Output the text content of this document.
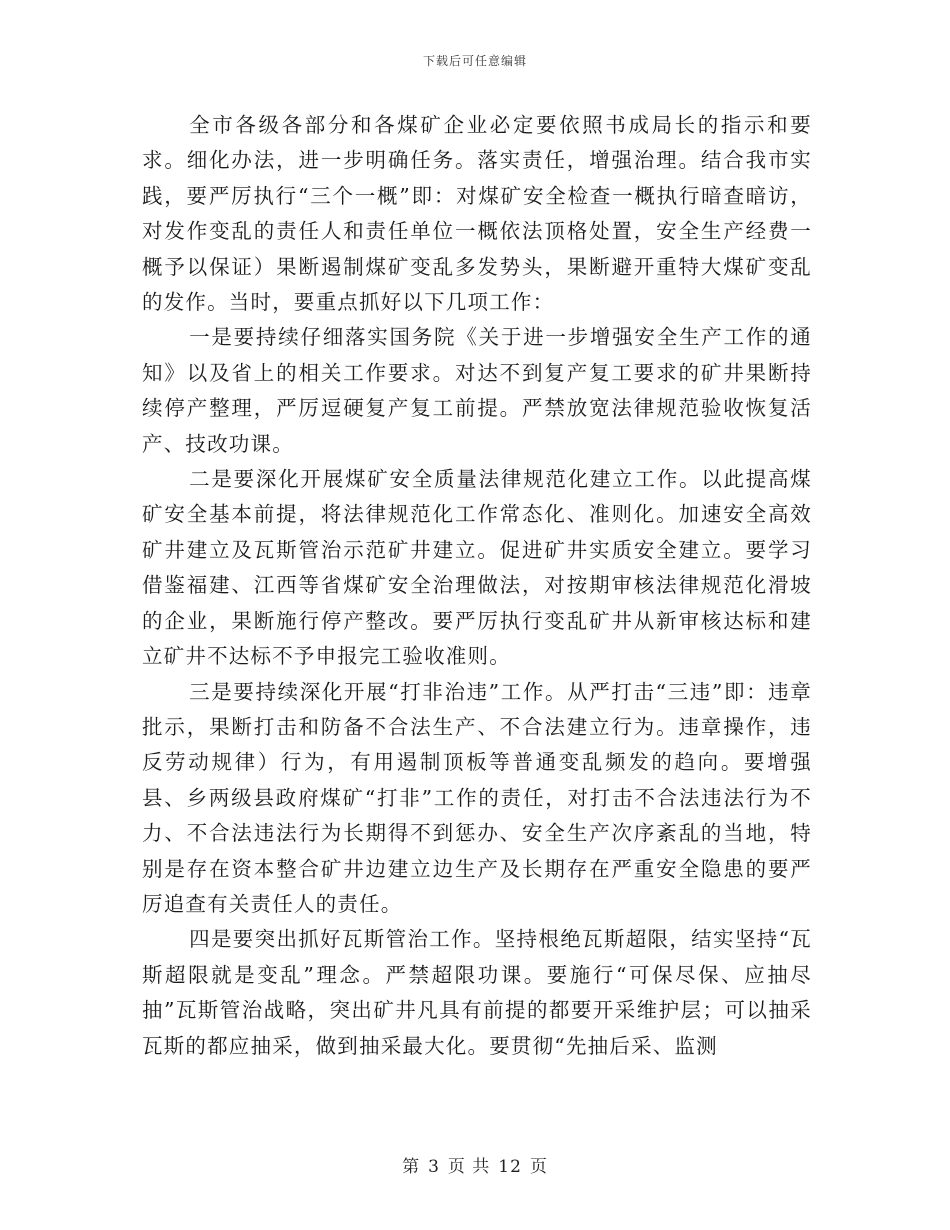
下载后可任意编辑

全市各级各部分和各煤矿企业必定要依照书成局长的指示和要求。细化办法，进一步明确任务。落实责任，增强治理。结合我市实践，要严厉执行“三个一概”即：对煤矿安全检查一概执行暗查暗访，对发作变乱的责任人和责任单位一概依法顶格处置，安全生产经费一概予以保证）果断遏制煤矿变乱多发势头，果断避开重特大煤矿变乱的发作。当时，要重点抓好以下几项工作：

一是要持续仔细落实国务院《关于进一步增强安全生产工作的通知》以及省上的相关工作要求。对达不到复产复工要求的矿井果断持续停产整理，严厉逗硬复产复工前提。严禁放宽法律规范验收恢复活产、技改功课。

二是要深化开展煤矿安全质量法律规范化建立工作。以此提高煤矿安全基本前提，将法律规范化工作常态化、准则化。加速安全高效矿井建立及瓦斯管治示范矿井建立。促进矿井实质安全建立。要学习借鉴福建、江西等省煤矿安全治理做法，对按期审核法律规范化滑坡的企业，果断施行停产整改。要严厉执行变乱矿井从新审核达标和建立矿井不达标不予申报完工验收准则。

三是要持续深化开展“打非治违”工作。从严打击“三违”即：违章批示，果断打击和防备不合法生产、不合法建立行为。违章操作，违反劳动规律）行为，有用遏制顶板等普通变乱频发的趋向。要增强县、乡两级县政府煤矿“打非”工作的责任，对打击不合法违法行为不力、不合法违法行为长期得不到惩办、安全生产次序紊乱的当地，特别是存在资本整合矿井边建立边生产及长期存在严重安全隐患的要严厉追查有关责任人的责任。

四是要突出抓好瓦斯管治工作。坚持根绝瓦斯超限，结实坚持“瓦斯超限就是变乱”理念。严禁超限功课。要施行“可保尽保、应抽尽抽”瓦斯管治战略，突出矿井凡具有前提的都要开采维护层；可以抽采瓦斯的都应抽采，做到抽采最大化。要贯彻“先抽后采、监测

第 3 页 共 12 页
